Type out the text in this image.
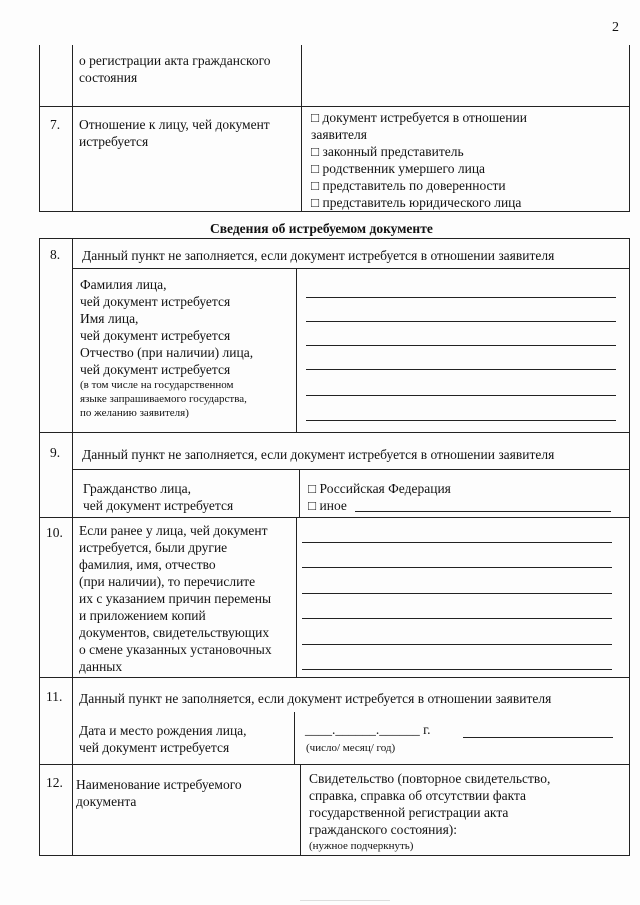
2
о регистрации акта гражданского
состояния
7. Отношение к лицу, чей документ
истребуется
□ документ истребуется в отношении
заявителя
□ законный представитель
□ родственник умершего лица
□ представитель по доверенности
□ представитель юридического лица
Сведения об истребуемом документе
8. Данный пункт не заполняется, если документ истребуется в отношении заявителя
Фамилия лица,
чей документ истребуется
Имя лица,
чей документ истребуется
Отчество (при наличии) лица,
чей документ истребуется
(в том числе на государственном
языке запрашиваемого государства,
по желанию заявителя)
9. Данный пункт не заполняется, если документ истребуется в отношении заявителя
Гражданство лица,
чей документ истребуется
□ Российская Федерация
□ иное
10. Если ранее у лица, чей документ
истребуется, были другие
фамилия, имя, отчество
(при наличии), то перечислите
их с указанием причин перемены
и приложением копий
документов, свидетельствующих
о смене указанных установочных
данных
11. Данный пункт не заполняется, если документ истребуется в отношении заявителя
Дата и место рождения лица,
чей документ истребуется
____.______.______ г.
(число/ месяц/ год)
12. Наименование истребуемого
документа
Свидетельство (повторное свидетельство,
справка, справка об отсутствии факта
государственной регистрации акта
гражданского состояния):
(нужное подчеркнуть)
